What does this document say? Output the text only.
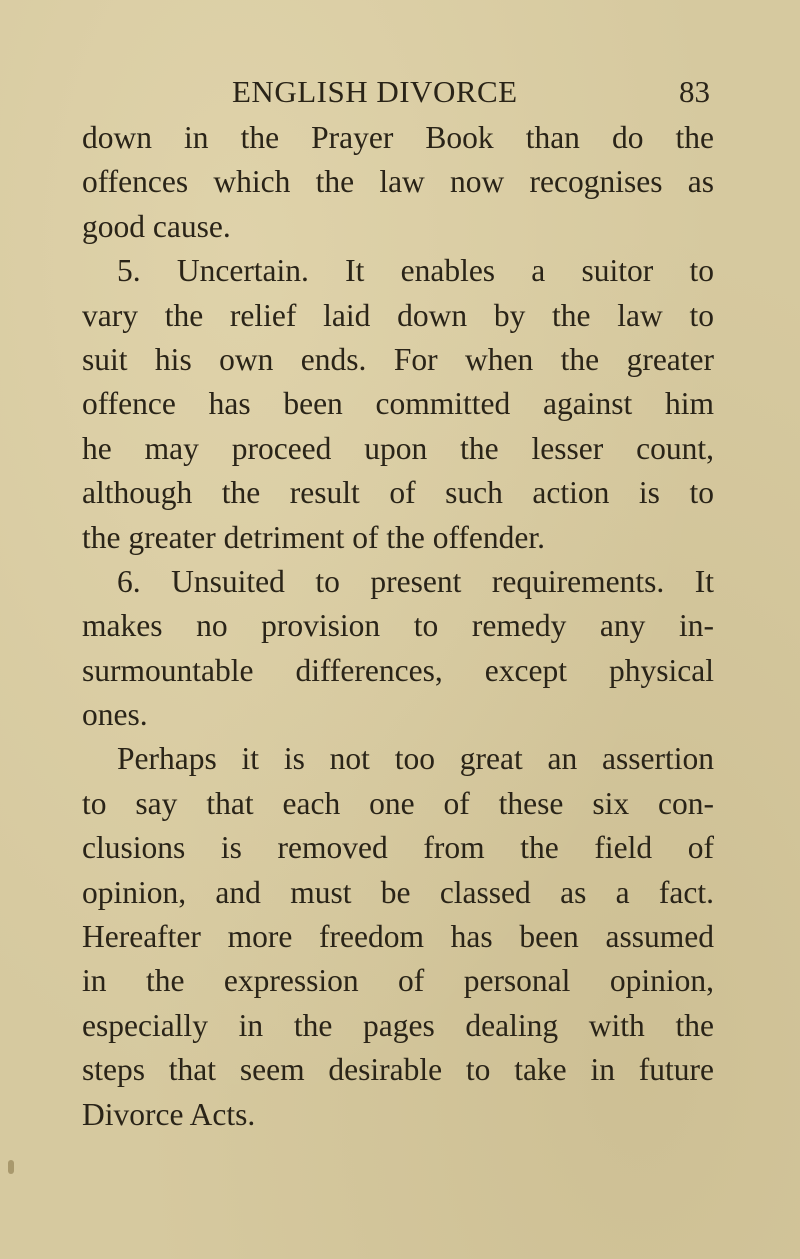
ENGLISH DIVORCE	83
down in the Prayer Book than do the
offences which the law now recognises as
good cause.
5. Uncertain. It enables a suitor to
vary the relief laid down by the law to
suit his own ends. For when the greater
offence has been committed against him
he may proceed upon the lesser count,
although the result of such action is to
the greater detriment of the offender.
6. Unsuited to present requirements. It
makes no provision to remedy any in-
surmountable differences, except physical
ones.
Perhaps it is not too great an assertion
to say that each one of these six con-
clusions is removed from the field of
opinion, and must be classed as a fact.
Hereafter more freedom has been assumed
in the expression of personal opinion,
especially in the pages dealing with the
steps that seem desirable to take in future
Divorce Acts.
